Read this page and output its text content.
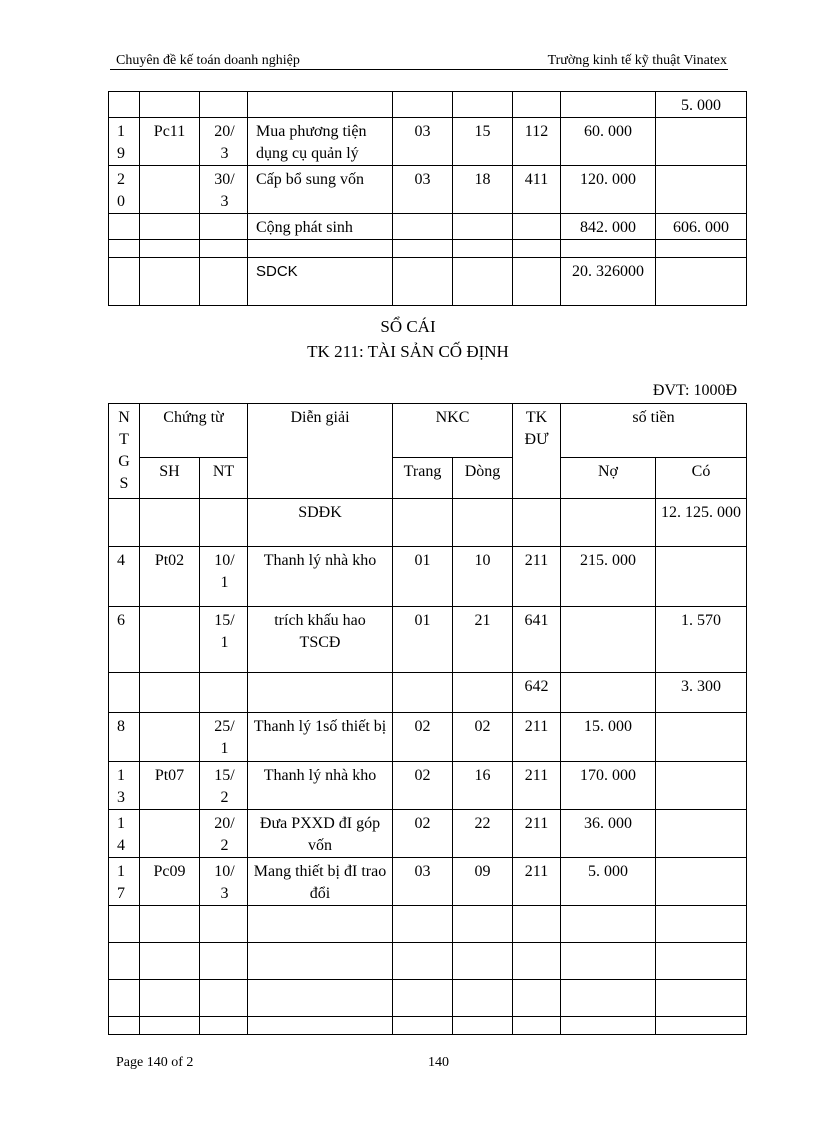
Chuyên đề kế toán doanh nghiệp	Trường kinh tế kỹ thuật Vinatex
								5. 000
1 9	Pc11	20/ 3	Mua phương tiện dụng cụ quản lý	03	15	112	60. 000	
2 0		30/ 3	Cấp bổ sung vốn	03	18	411	120. 000	
			Cộng phát sinh				842. 000	606. 000

			SDCK				20. 326000	
SỔ CÁI
TK 211: TÀI SẢN CỐ ĐỊNH
ĐVT: 1000Đ
N T G S	Chứng từ		Diễn giải	NKC		TK ĐƯ	số tiền	
	SH	NT		Trang	Dòng		Nợ	Có
			SDĐK					12. 125. 000
4	Pt02	10/ 1	Thanh lý nhà kho	01	10	211	215. 000	
6		15/ 1	trích khấu hao TSCĐ	01	21	641		1. 570
						642		3. 300
8		25/ 1	Thanh lý 1số thiết bị	02	02	211	15. 000	
1 3	Pt07	15/ 2	Thanh lý nhà kho	02	16	211	170. 000	
1 4		20/ 2	Đưa PXXD đI góp vốn	02	22	211	36. 000	
1 7	Pc09	10/ 3	Mang thiết bị đI trao đổi	03	09	211	5. 000	

Page 140 of 2	140
